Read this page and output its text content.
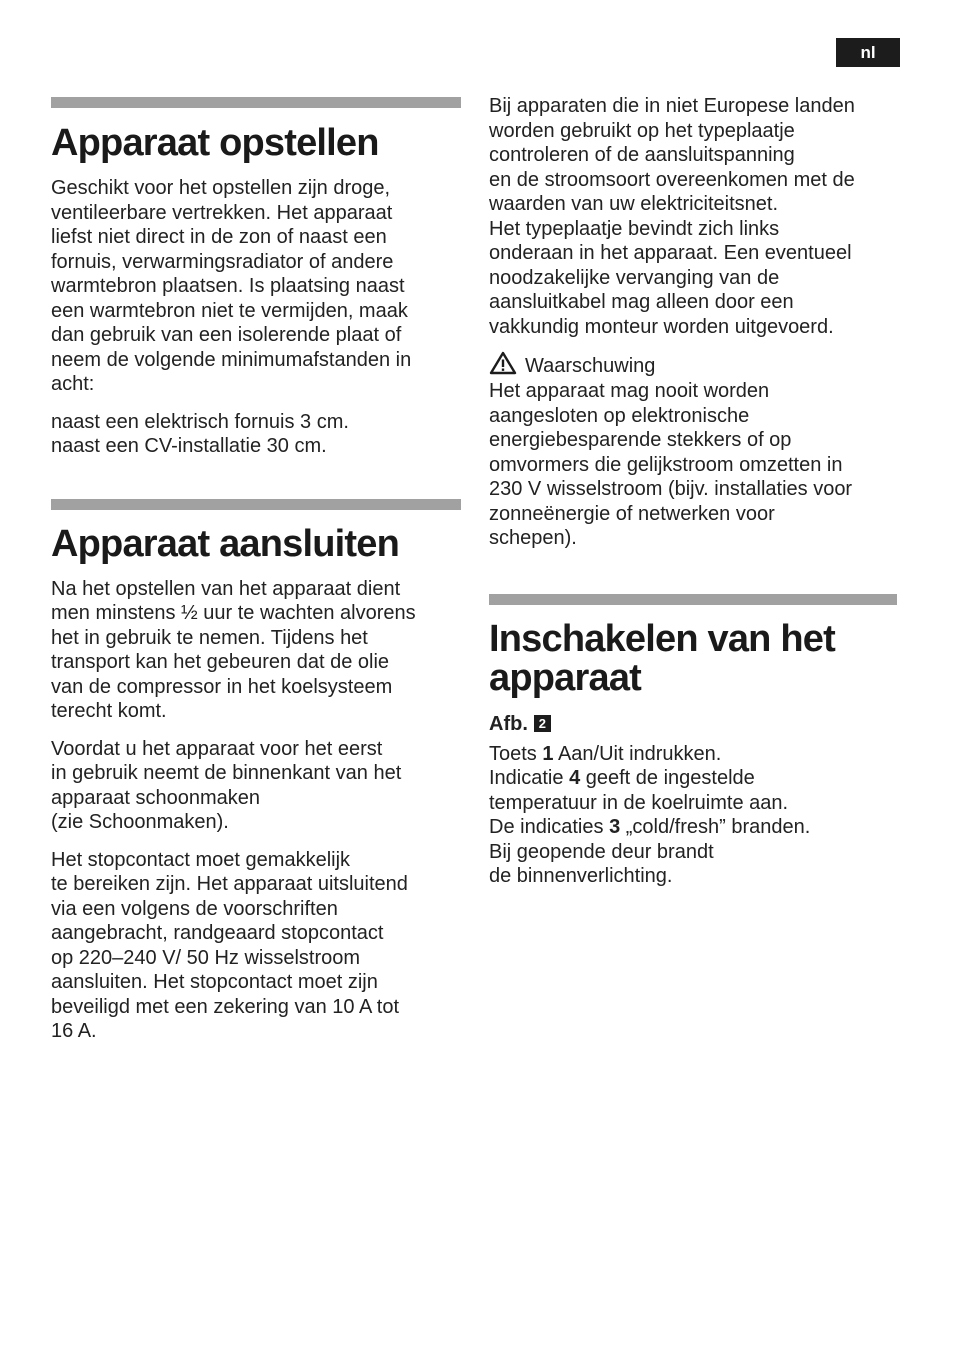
nl
Apparaat opstellen

Geschikt voor het opstellen zijn droge,
ventileerbare vertrekken. Het apparaat
liefst niet direct in de zon of naast een
fornuis, verwarmingsradiator of andere
warmtebron plaatsen. Is plaatsing naast
een warmtebron niet te vermijden, maak
dan gebruik van een isolerende plaat of
neem de volgende minimumafstanden in
acht:

naast een elektrisch fornuis 3 cm.
naast een CV-installatie 30 cm.

Apparaat aansluiten

Na het opstellen van het apparaat dient
men minstens ½ uur te wachten alvorens
het in gebruik te nemen. Tijdens het
transport kan het gebeuren dat de olie
van de compressor in het koelsysteem
terecht komt.

Voordat u het apparaat voor het eerst
in gebruik neemt de binnenkant van het
apparaat schoonmaken
(zie Schoonmaken).

Het stopcontact moet gemakkelijk
te bereiken zijn. Het apparaat uitsluitend
via een volgens de voorschriften
aangebracht, randgeaard stopcontact
op 220–240 V/ 50 Hz wisselstroom
aansluiten. Het stopcontact moet zijn
beveiligd met een zekering van 10 A tot
16 A.

Bij apparaten die in niet Europese landen
worden gebruikt op het typeplaatje
controleren of de aansluitspanning
en de stroomsoort overeenkomen met de
waarden van uw elektriciteitsnet.
Het typeplaatje bevindt zich links
onderaan in het apparaat. Een eventueel
noodzakelijke vervanging van de
aansluitkabel mag alleen door een
vakkundig monteur worden uitgevoerd.

Waarschuwing

Het apparaat mag nooit worden
aangesloten op elektronische
energiebesparende stekkers of op
omvormers die gelijkstroom omzetten in
230 V wisselstroom (bijv. installaties voor
zonneënergie of netwerken voor
schepen).

Inschakelen van het
apparaat
Afb. 2

Toets 1 Aan/Uit indrukken.
Indicatie 4 geeft de ingestelde
temperatuur in de koelruimte aan.
De indicaties 3 „cold/fresh” branden.
Bij geopende deur brandt
de binnenverlichting.
